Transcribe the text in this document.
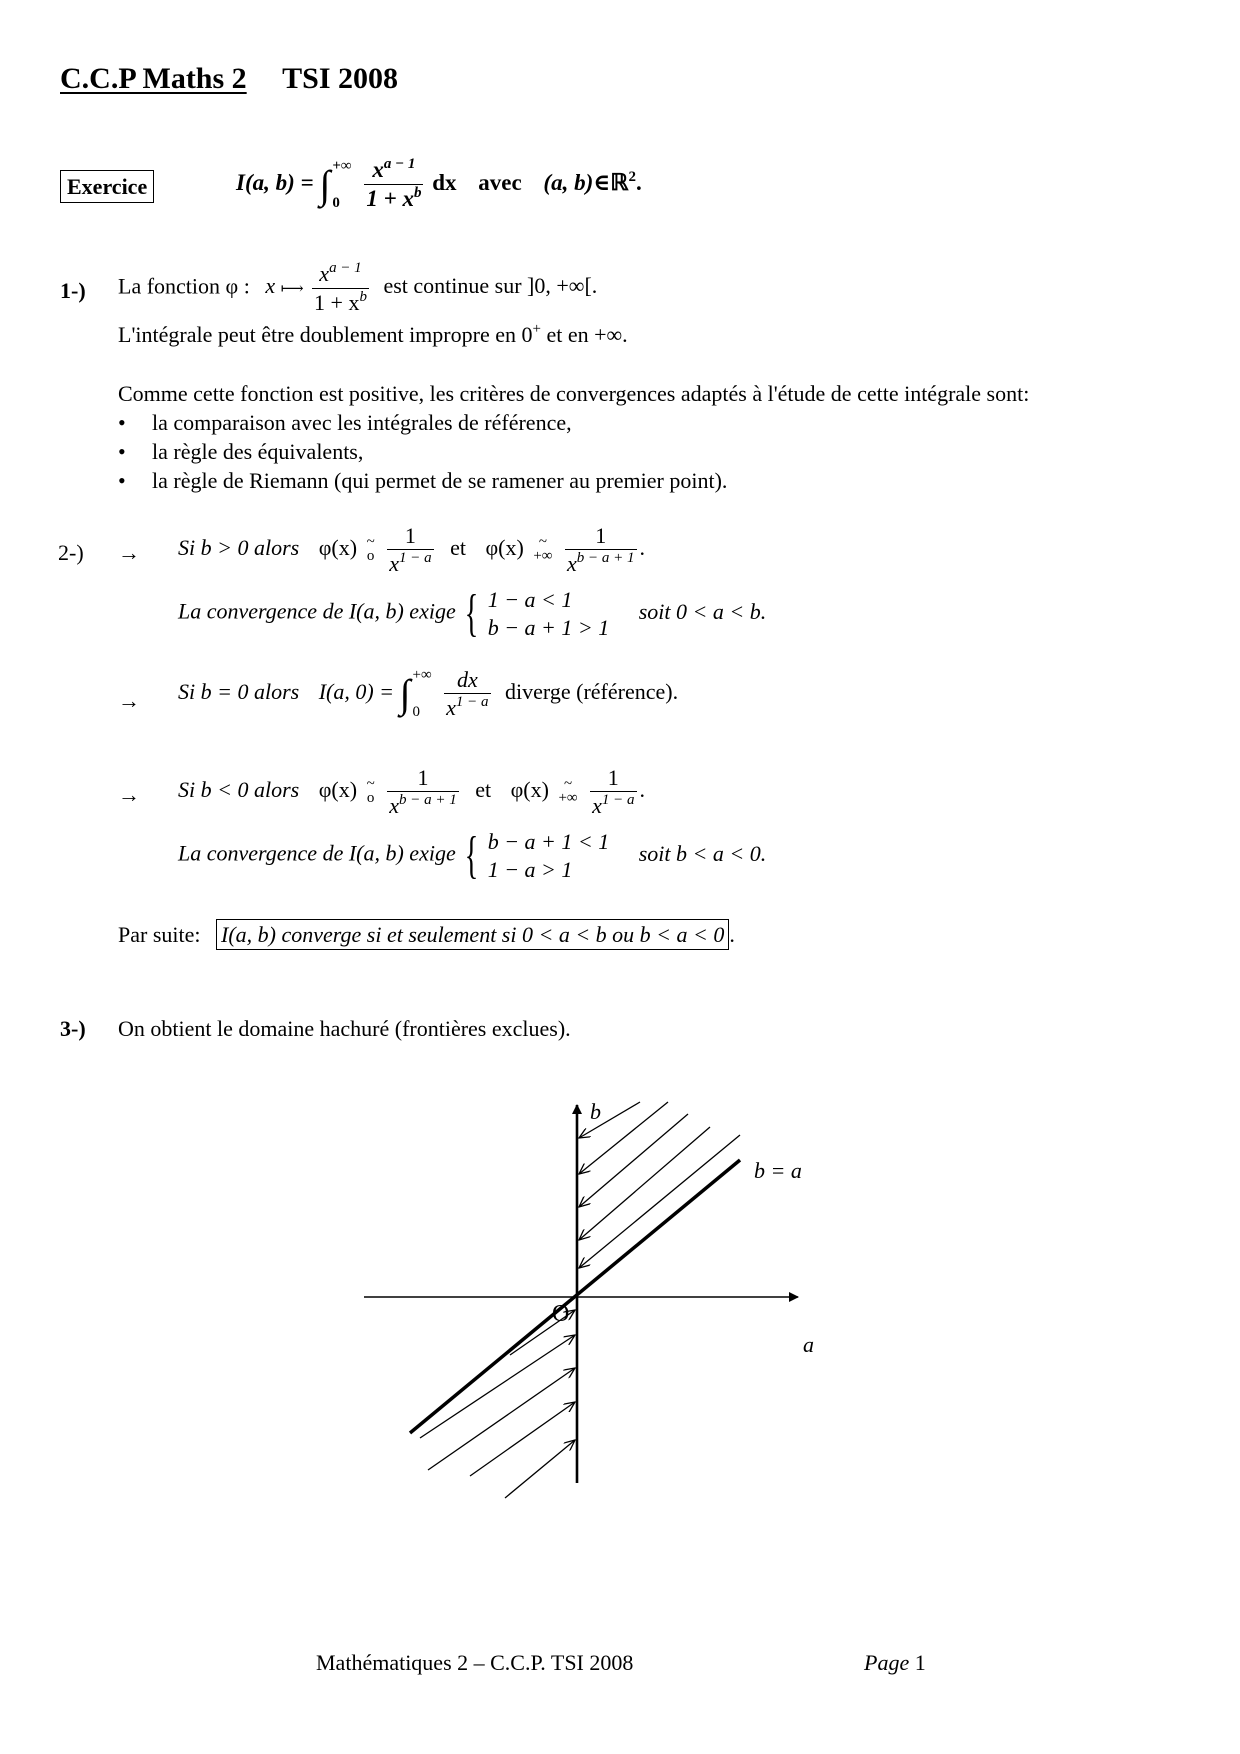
C.C.P Maths 2 TSI 2008
Exercice	I(a, b) = ∫ +∞
0
	$\frac{x^{a - 1}}{1 + x^b}$ dx avec (a, b)∈ℝ$^2$.
1-) La fonction φ : x ⟼ $\frac{x^{a - 1}}{1 + x^b}$ est continue sur ]0, +∞[.
L'intégrale peut être doublement impropre en 0+ et en +∞.
Comme cette fonction est positive, les critères de convergences adaptés à l'étude de cette intégrale sont:
• la comparaison avec les intégrales de référence,
• la règle des équivalents,
• la règle de Riemann (qui permet de se ramener au premier point).
2-) → Si b > 0 alors φ(x) ~
o
$\frac{1}{x^{1 - a}}$ et φ(x) ~
+∞
$\frac{1}{x^{b - a + 1}}$ .
La convergence de I(a, b) exige { 1 − a < 1
b − a + 1 > 1
soit 0 < a < b.
→ Si b = 0 alors I(a, 0) = ∫ +∞
0
	$\frac{dx}{x^{1 - a}}$ diverge (référence).
→ Si b < 0 alors φ(x) ~
o
$\frac{1}{x^{b - a + 1}}$ et φ(x) ~
+∞
$\frac{1}{x^{1 - a}}$ .
La convergence de I(a, b) exige { b − a + 1 < 1
1 − a > 1
soit b < a < 0.
Par suite: I(a, b) converge si et seulement si 0 < a < b ou b < a < 0 .
3-) On obtient le domaine hachuré (frontières exclues).
b
a
O
b = a
Mathématiques 2 – C.C.P. TSI 2008	Page 1
